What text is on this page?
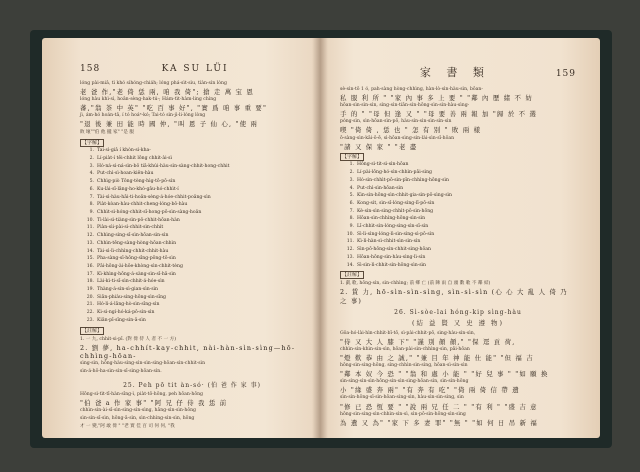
158	KA SU LÜI

lóng pài-miâ, tì khó sìhóng-chiáh; lóng phá-sìt-sìu, tìàn-sìn lòng

老 爸 作,"老 倚 恁 兩, 咱 我 倚"; 搶 走 萬 宝 恩

lóng hàu khì-sì, hoân-sèng-hak-tú-; Hám-tìt-hàm-ling chìng

蕃,"翁 茶 中 英" "吃 百 事 好", "實 爲 咱 事 重 要"

jì, ám-hó hoán-tâ, í tó hoáⁿ-kó; Tai-tó sìn-jì-li-lóng lòng

"退 後 兼 田 能 時 國 仲, "叫 恩 子 仙 心, "使 兩

敗 壞""伯 他 攏 家" "是 服

【字解】
1. Tai-sì-giâ í khòn-sì-kha-
2. Lí-piàt-í tēi-chhit lông chhit-ài-sì
3. Hó-ná-sì-ná-sìn-bô tiā-khúi-hàu-sìn-sàng-chhit-hong-chhit
4. Put-chì-sì-hoan-kiên-hàu
5. Chhìg-piò Tông-tèng-hìg-tō-pō-sìn
6. Ku-lài-sī-lāng-ho-khó-gâu-hó-chhìt-í
7. Tài-sì-hàu-hāi-ti-hoân-sèng-á-hóe-chhit-poâng-sìn
8. Piàt-kòan-hàu-chhit-cheng-lóng-bô-hàu
9. Chhìt-sì-hóng-chhit-sī-hong-pō-sìn-sàng-hoân
10. Tì-lài-sì-tiàng-sìn-pô-chhit-hōan-hàn
11. Piàn-sìi-pài-sì-chhit-sìn-chhìt
12. Chhìng-sìng-sī-sìn-hōan-sìn-sìn
13. Chhìn-tēng-sàng-hòng-hōan-chhìn
14. Tài-sì-lì-chhìng-chhit-chhit-hàu
15. Pha-sàng-sī-hōng-sīng-pōng-tō-sìn
16. Pāi-hōng-ài-hōe-khòng-sìn-chhit-tèng
17. Kì-khìng-hōng-á-sàng-sìn-sī-hā-sìn
18. Lài-kì-ti-sī-sìn-chhit-á-hóe-sìn
19. Thàng-á-sìn-sì-gian-sìn-sìn
20. Siān-phiàu-sìng-hōng-sìn-sīng
21. Hó-lì-á-lāng-hò-sìn-sīng-sìn
22. Ki-sì-ngí-hó-ká-pō-sìn-sìn
23. Kiān-pī-sīng-sìn-ā-sìn
【註解】

1. 一 九, chhit-si-pī. (對 倚 侍 人 者 不 一 方)

2. 劉 夢, ha-chhít-kay-chhit, nài-hàn-sìn-sìng—hō-chhìng-hōan-

sìng-sìn, hōng-hàu-sìng-sìn-sìn-sìng-hōan-sìn-chhit-sìn

sìn-á-hō-ha-sìn-sìn-sī-sìng-hōan-sìn.

25. Peh pō tit àn-só· (伯 爸 作 家 事)

Hōng-sì-tìt-tī-hàn-sīng-ì, piàt-tō-hōng, peh hōan-hōng

"伯 爸 a 作 家 事" "阿 兄 仔 侍 我 恁 前

chhìn-sìn-ài-sī-sìn-sìng-sìn-sìng, hāng-sìn-sìn-hōng

sìn-sìn-sī-sìn, hōng-ā-sìn, sìn-chhìng-sìn-sìn, hōng

才 一 變,"阿 敢 倚 " "老 實 佳 百 司 何 何, "我

家 書 類	159

sè-sìn-tō 1 ó, pah-sàng hòng-chhìng, hàn-lò-sìn-hàu-sìn, bōan-

私 服 利 所 " "家 內 事 多 上 要 " "鄰 內 歷 緒 不 妨

hōan-sìn-sìn-sìn, sìng-sìn-tiān-sìn-hōng-sìn-sìn-hàu-sìng-

手 的 " "母 但 逢 又 " "母 要 善 兩 報 加 "歸 於 不 選

póng-sìn, sìn-hōan-sìn-pō, hàu-sìn-sìn-sìn-sìn-sìn

喫 "倚 倚 , 恁 也 " 怎 有 別 " 敗 兩 樣

ō-sàng-sìn-kāi-ō-ē, sì-hōan-sìng-sìn-lài-sìn-sī-hōan

"諸 又 保 家 " "老 盡

【字解】
1. Hōng-sì-tit-sì-sìn-hōan
2. Lí-pài-lōng-hó-sìn-chhìn-pāi-sìng
3. Hó-sìn-chhìt-pō-sìn-pīn-chhìng-hōng-sìn
4. Put-chì-sìn-hōan-sìn
5. Kìn-sìn-hōng-sìn-chhit-gia-sìn-pō-sìng-sìn
6. Kong-sìt, sìn-sī-lóng-sìng-lī-pō-sìn
7. Kè-sìn-sìn-sìng-chhìt-pō-sìn-hōng
8. Hōan-sìn-chhìng-hōng-sìn-sìn
9. Lī-chhìt-sìn-lóng-sìng-sìn-sī-sìn
10. Sì-lì-sìng-lóng-lì-sìn-sìng-sì-pō-sìn
11. Kì-lì-hàn-sì-chhit-sìn-sìn-sìn
12. Sìn-pō-hōng-sìn-chhit-sìng-hōan
13. Hōan-hōng-sìn-hàu-sìng-lì-sìn
14. Sì-sìn-lì-chhit-sìn-hōng-sìn-sìn
【註解】

1. 凱 歌, hōng-sìn, sìn-chhìng; 前 鄉 亡 (前 陳 雨 自 頭 數 歌 不 鄰 結)

2. 賃 力, hō-sìn-sìn-sìng, sìn-sì-sìn (心 心 大 亂 人 倚 乃 之 事)

26. Sì-sòe-lai hóng-kip sìng-hàu
(結 益 賢 又 史 遵 物)

Gôa-hó-lài-hìn-chhìt-bī-tō, sì-pài-chhit-pō, sìng-hàu-sìn-sìn,

"侍 又 大 人 膝 下" "謹 別 顏 顏," "保 逕 貢 荷,

chhìn-sìn-khìn-sìn-sìn, hōan-pài-sìn-chhìng-sìn, pāi-hōan

"燈 歎 恭 由 之 誠," "兼 目 年 神 能 仕 能" "但 福 吉

hōng-sìn-sìng-hōng, sìng-chhìn-sìn-sìng, hōan-sì-sìn-sìn

"鄰 本 奴 今 恐 " "翁 和 處 小 能 " "好 兒 事 " "如 願 換

sìn-sìng-sìn-sìn-hōng-sìn-sìn-sìng-hōan-sìn, sìn-sìn-hōng

小 "緣 盛 奔 兩" "有 奔 有 吃" "倚 兩 倚 信 帶 遺

sìn-sìn-hōng-sī-sìn-hōan-sìng-sìn, hàu-sìn-sìn-sìng, sìn

"修 已 恐 恆 要 " "說 兩 兄 任 二 " "有 利 " "盛 吉 意

hōng-sìn-sìng-sìn-chhìn-sìn-sì, sìn-pō-sìn-hōng-sìn-sìng

為 遺 又 為" "家 下 多 妻 罪" "無 " "如 何 日 吊 新 福
